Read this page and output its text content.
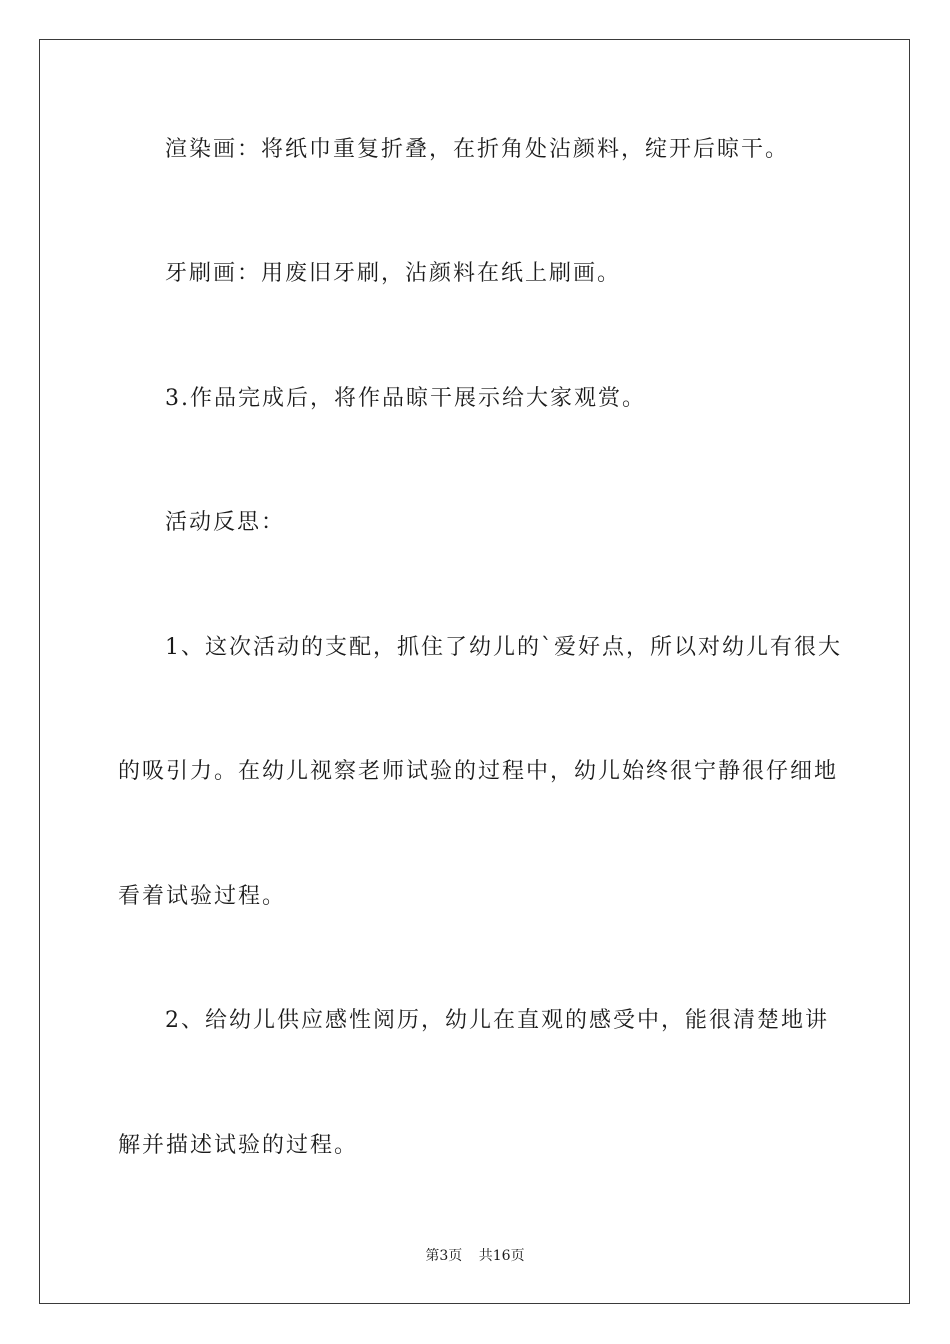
渲染画：将纸巾重复折叠，在折角处沾颜料，绽开后晾干。
牙刷画：用废旧牙刷，沾颜料在纸上刷画。
3.作品完成后，将作品晾干展示给大家观赏。
活动反思：
1、这次活动的支配，抓住了幼儿的`爱好点，所以对幼儿有很大
的吸引力。在幼儿视察老师试验的过程中，幼儿始终很宁静很仔细地
看着试验过程。
2、给幼儿供应感性阅历，幼儿在直观的感受中，能很清楚地讲
解并描述试验的过程。
第3页 共16页
